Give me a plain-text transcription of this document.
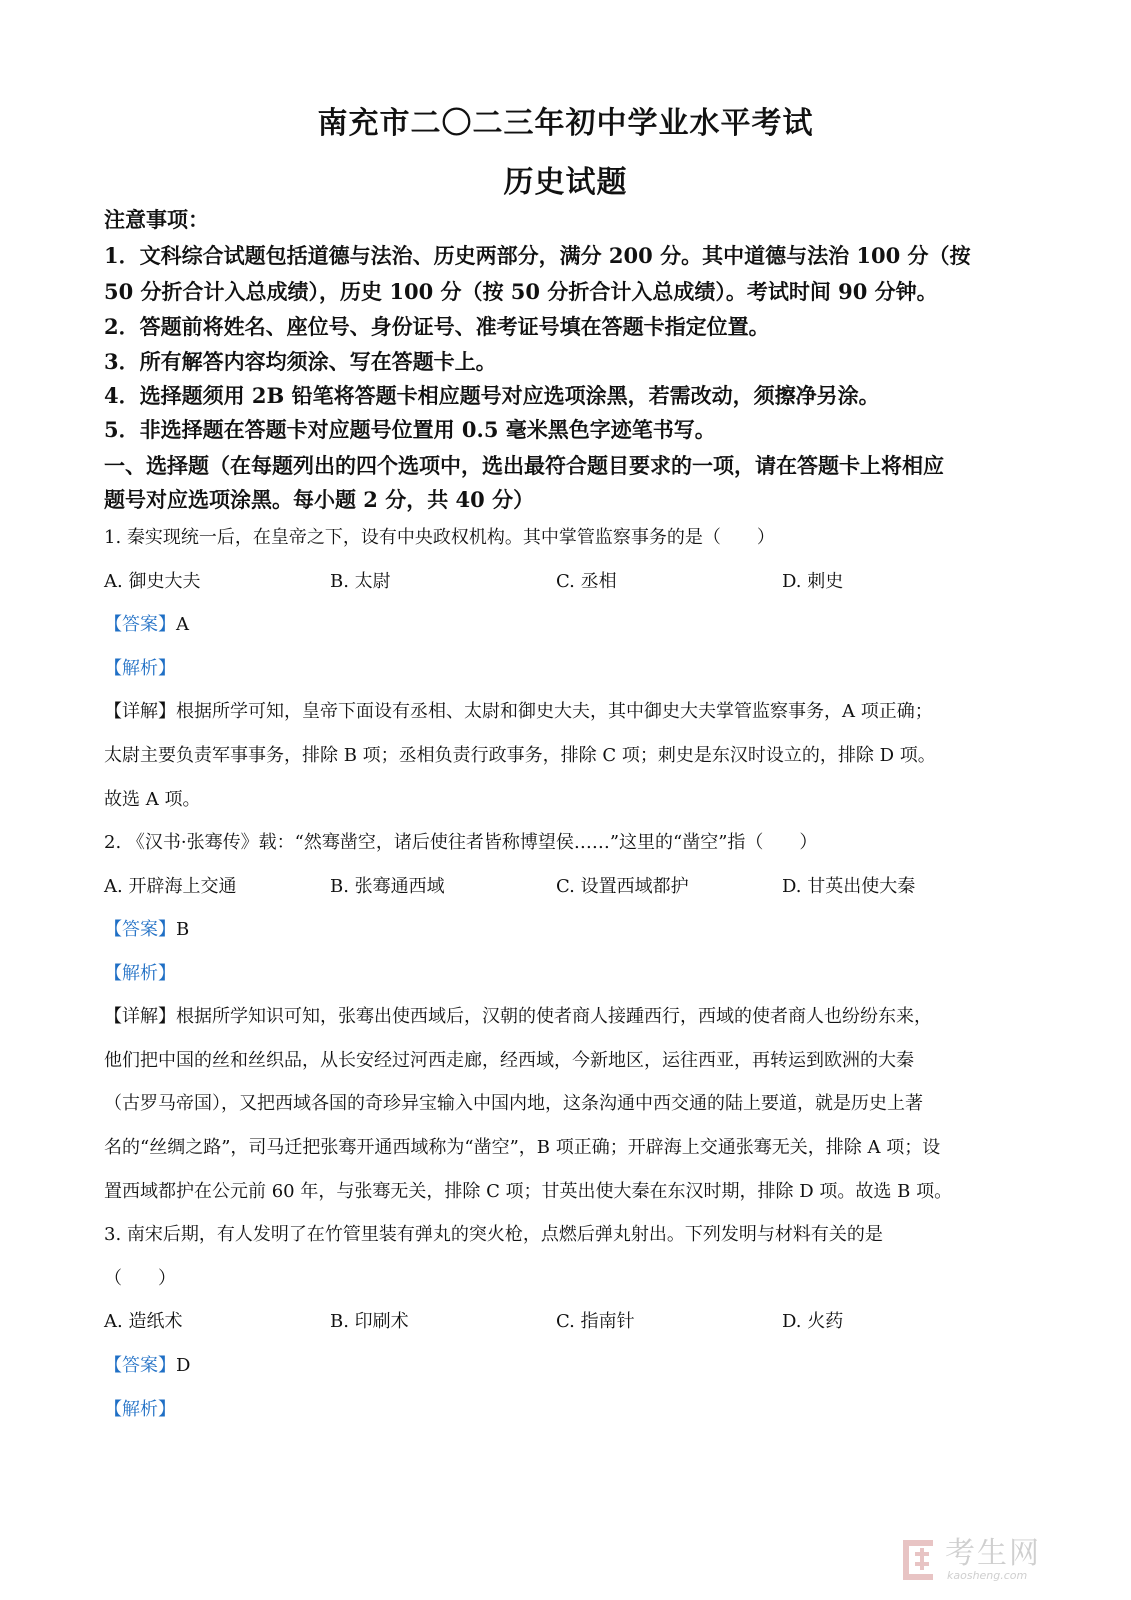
南充市二〇二三年初中学业水平考试
历史试题
注意事项：
1．文科综合试题包括道德与法治、历史两部分，满分 200 分。其中道德与法治 100 分（按
50 分折合计入总成绩），历史 100 分（按 50 分折合计入总成绩）。考试时间 90 分钟。
2．答题前将姓名、座位号、身份证号、准考证号填在答题卡指定位置。
3．所有解答内容均须涂、写在答题卡上。
4．选择题须用 2B 铅笔将答题卡相应题号对应选项涂黑，若需改动，须擦净另涂。
5．非选择题在答题卡对应题号位置用 0.5 毫米黑色字迹笔书写。
一、选择题（在每题列出的四个选项中，选出最符合题目要求的一项，请在答题卡上将相应
题号对应选项涂黑。每小题 2 分，共 40 分）
1. 秦实现统一后，在皇帝之下，设有中央政权机构。其中掌管监察事务的是（　　）
A. 御史大夫	B. 太尉	C. 丞相	D. 刺史
【答案】A
【解析】
【详解】根据所学可知，皇帝下面设有丞相、太尉和御史大夫，其中御史大夫掌管监察事务，A 项正确；
太尉主要负责军事事务，排除 B 项；丞相负责行政事务，排除 C 项；刺史是东汉时设立的，排除 D 项。
故选 A 项。
2. 《汉书·张骞传》载：“然骞凿空，诸后使往者皆称博望侯……”这里的“凿空”指（　　）
A. 开辟海上交通	B. 张骞通西域	C. 设置西域都护	D. 甘英出使大秦
【答案】B
【解析】
【详解】根据所学知识可知，张骞出使西域后，汉朝的使者商人接踵西行，西域的使者商人也纷纷东来，
他们把中国的丝和丝织品，从长安经过河西走廊，经西域，今新地区，运往西亚，再转运到欧洲的大秦
（古罗马帝国），又把西域各国的奇珍异宝输入中国内地，这条沟通中西交通的陆上要道，就是历史上著
名的“丝绸之路”，司马迁把张骞开通西域称为“凿空”，B 项正确；开辟海上交通张骞无关，排除 A 项；设
置西域都护在公元前 60 年，与张骞无关，排除 C 项；甘英出使大秦在东汉时期，排除 D 项。故选 B 项。
3. 南宋后期，有人发明了在竹管里装有弹丸的突火枪，点燃后弹丸射出。下列发明与材料有关的是
（　　）
A. 造纸术	B. 印刷术	C. 指南针	D. 火药
【答案】D
【解析】
考生网
kaosheng.com
